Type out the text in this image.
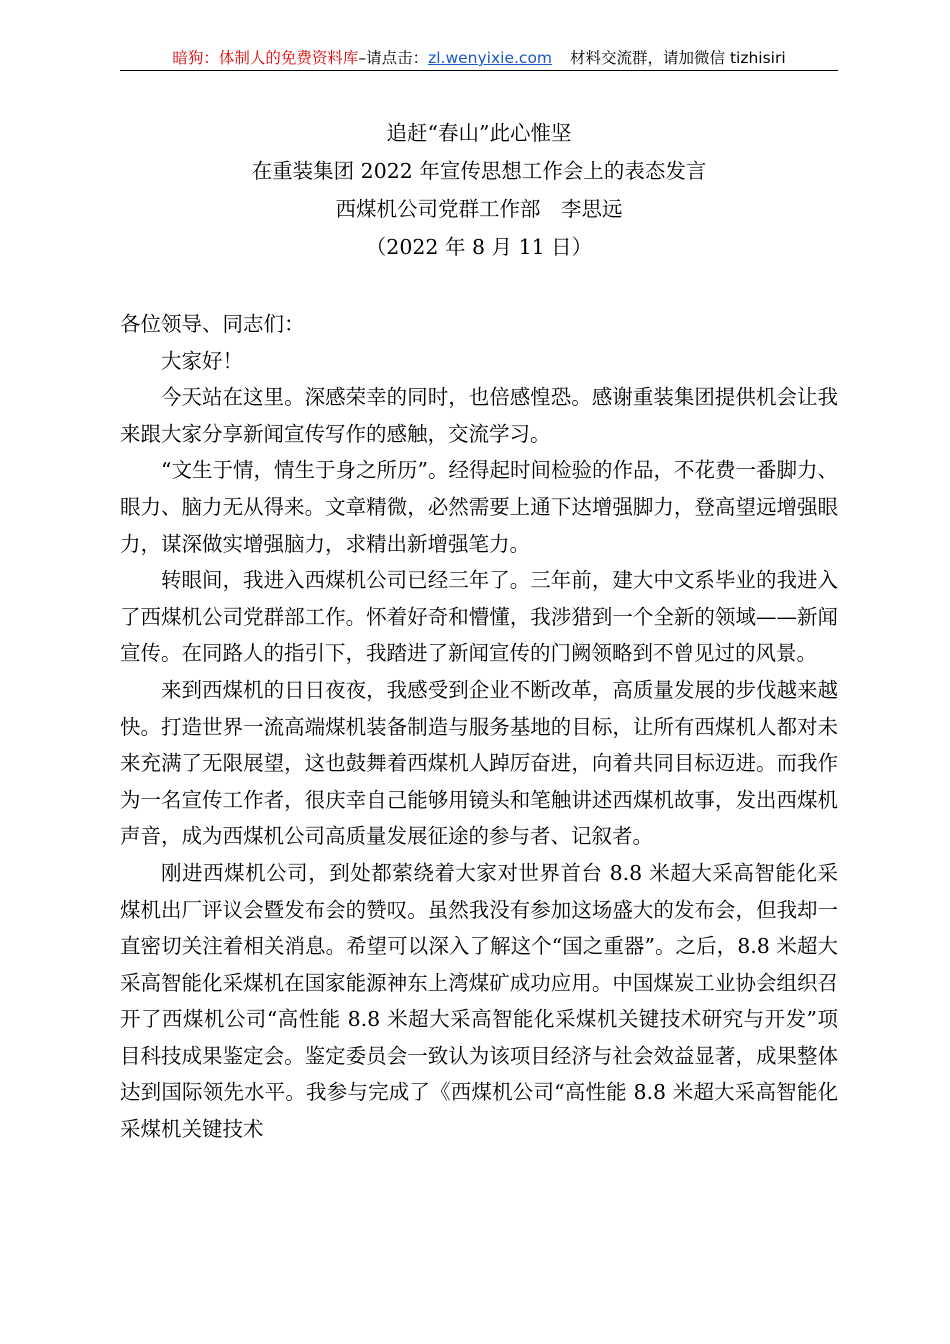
暗狗：体制人的免费资料库–请点击：zl.wenyixie.com 材料交流群，请加微信 tizhisiri
追赶“春山”此心惟坚
在重装集团 2022 年宣传思想工作会上的表态发言
西煤机公司党群工作部　李思远
（2022 年 8 月 11 日）

各位领导、同志们：

大家好！

今天站在这里。深感荣幸的同时，也倍感惶恐。感谢重装集团提供机会让我来跟大家分享新闻宣传写作的感触，交流学习。

“文生于情，情生于身之所历”。经得起时间检验的作品，不花费一番脚力、眼力、脑力无从得来。文章精微，必然需要上通下达增强脚力，登高望远增强眼力，谋深做实增强脑力，求精出新增强笔力。

转眼间，我进入西煤机公司已经三年了。三年前，建大中文系毕业的我进入了西煤机公司党群部工作。怀着好奇和懵懂，我涉猎到一个全新的领域——新闻宣传。在同路人的指引下，我踏进了新闻宣传的门阙领略到不曾见过的风景。

来到西煤机的日日夜夜，我感受到企业不断改革，高质量发展的步伐越来越快。打造世界一流高端煤机装备制造与服务基地的目标，让所有西煤机人都对未来充满了无限展望，这也鼓舞着西煤机人踔厉奋进，向着共同目标迈进。而我作为一名宣传工作者，很庆幸自己能够用镜头和笔触讲述西煤机故事，发出西煤机声音，成为西煤机公司高质量发展征途的参与者、记叙者。

刚进西煤机公司，到处都萦绕着大家对世界首台 8.8 米超大采高智能化采煤机出厂评议会暨发布会的赞叹。虽然我没有参加这场盛大的发布会，但我却一直密切关注着相关消息。希望可以深入了解这个“国之重器”。之后，8.8 米超大采高智能化采煤机在国家能源神东上湾煤矿成功应用。中国煤炭工业协会组织召开了西煤机公司“高性能 8.8 米超大采高智能化采煤机关键技术研究与开发”项目科技成果鉴定会。鉴定委员会一致认为该项目经济与社会效益显著，成果整体达到国际领先水平。我参与完成了《西煤机公司“高性能 8.8 米超大采高智能化采煤机关键技术
